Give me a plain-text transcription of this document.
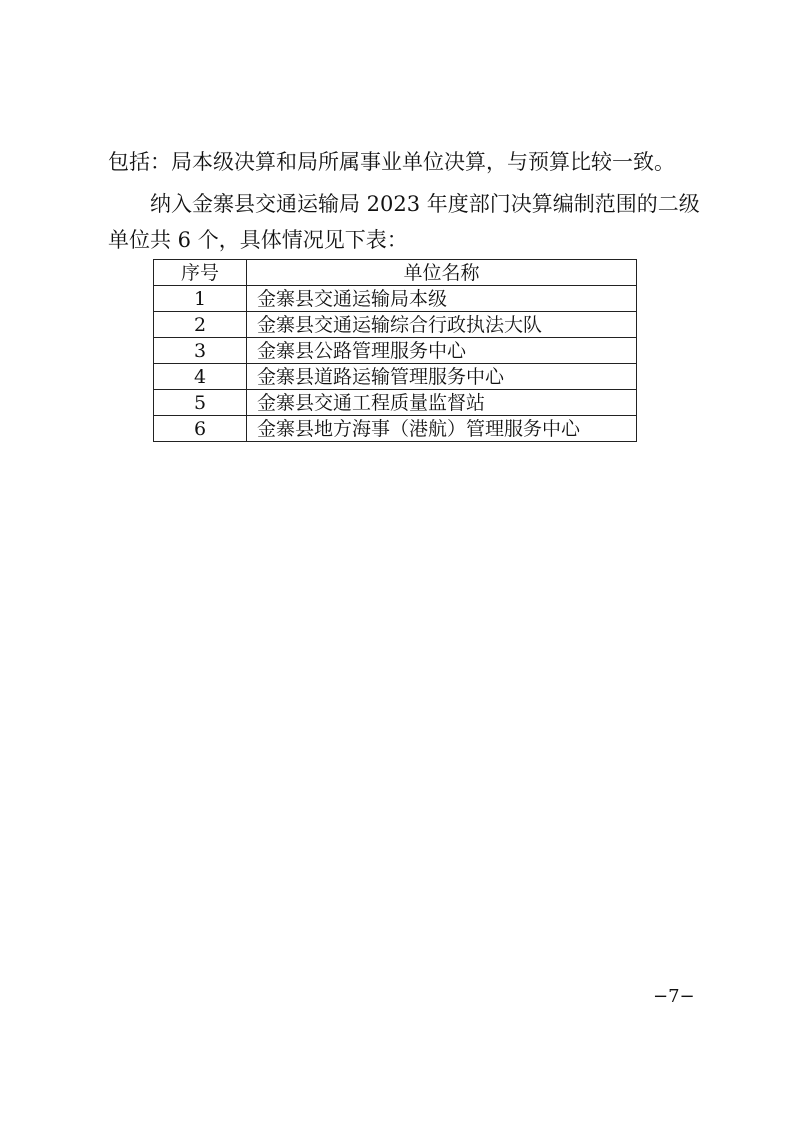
包括：局本级决算和局所属事业单位决算，与预算比较一致。

纳入金寨县交通运输局 2023 年度部门决算编制范围的二级

单位共 6 个，具体情况见下表：

序号	单位名称
1	金寨县交通运输局本级
2	金寨县交通运输综合行政执法大队
3	金寨县公路管理服务中心
4	金寨县道路运输管理服务中心
5	金寨县交通工程质量监督站
6	金寨县地方海事（港航）管理服务中心
−7−
